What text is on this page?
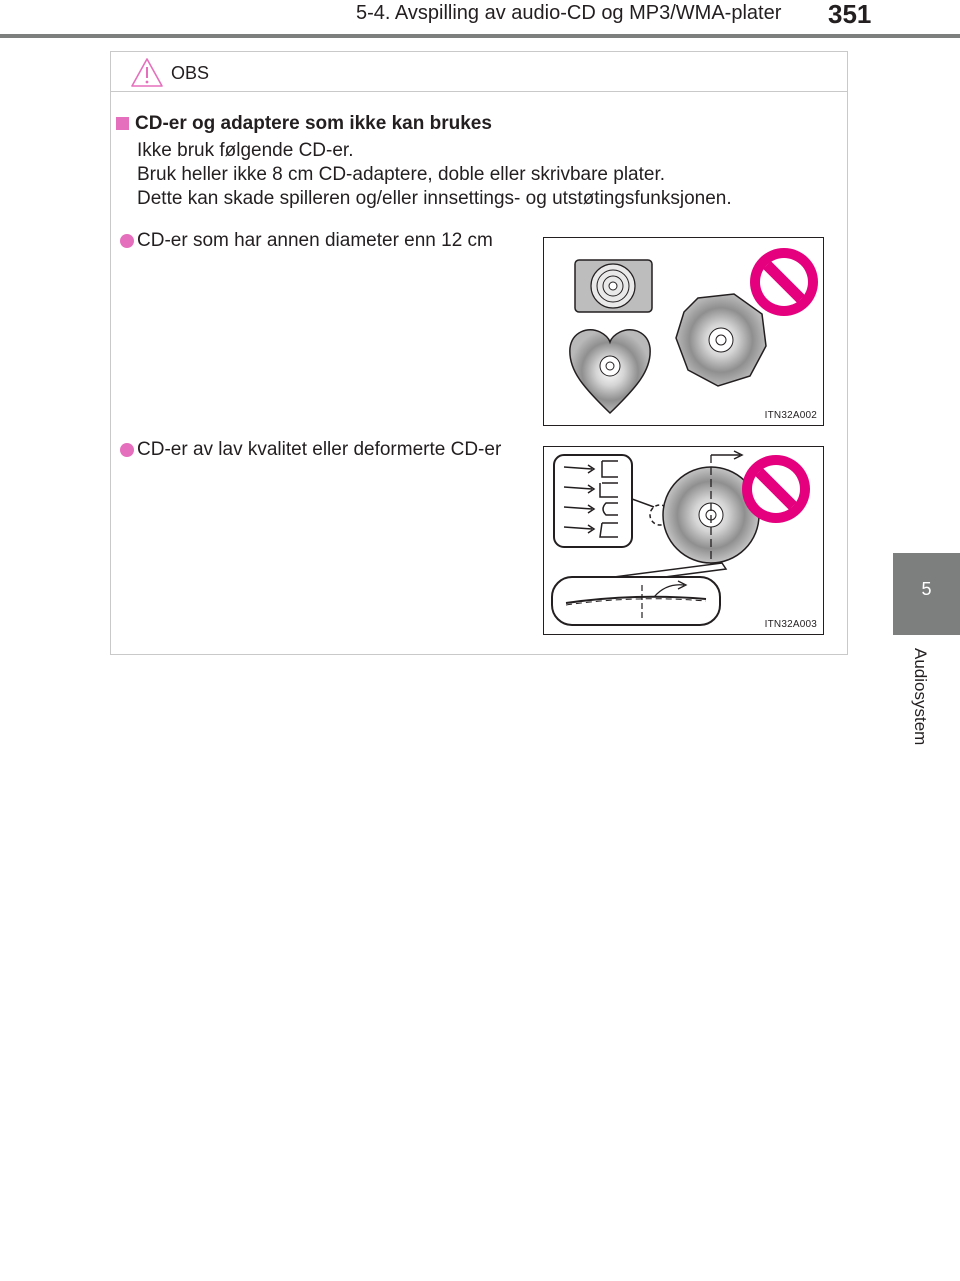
5-4. Avspilling av audio-CD og MP3/WMA-plater 351
5
Audiosystem
OBS
CD-er og adaptere som ikke kan brukes
Ikke bruk følgende CD-er.
Bruk heller ikke 8 cm CD-adaptere, doble eller skrivbare plater.
Dette kan skade spilleren og/eller innsettings- og utstøtingsfunksjonen.
CD-er som har annen diameter enn 12 cm
ITN32A002
CD-er av lav kvalitet eller deformerte CD-er
ITN32A003
